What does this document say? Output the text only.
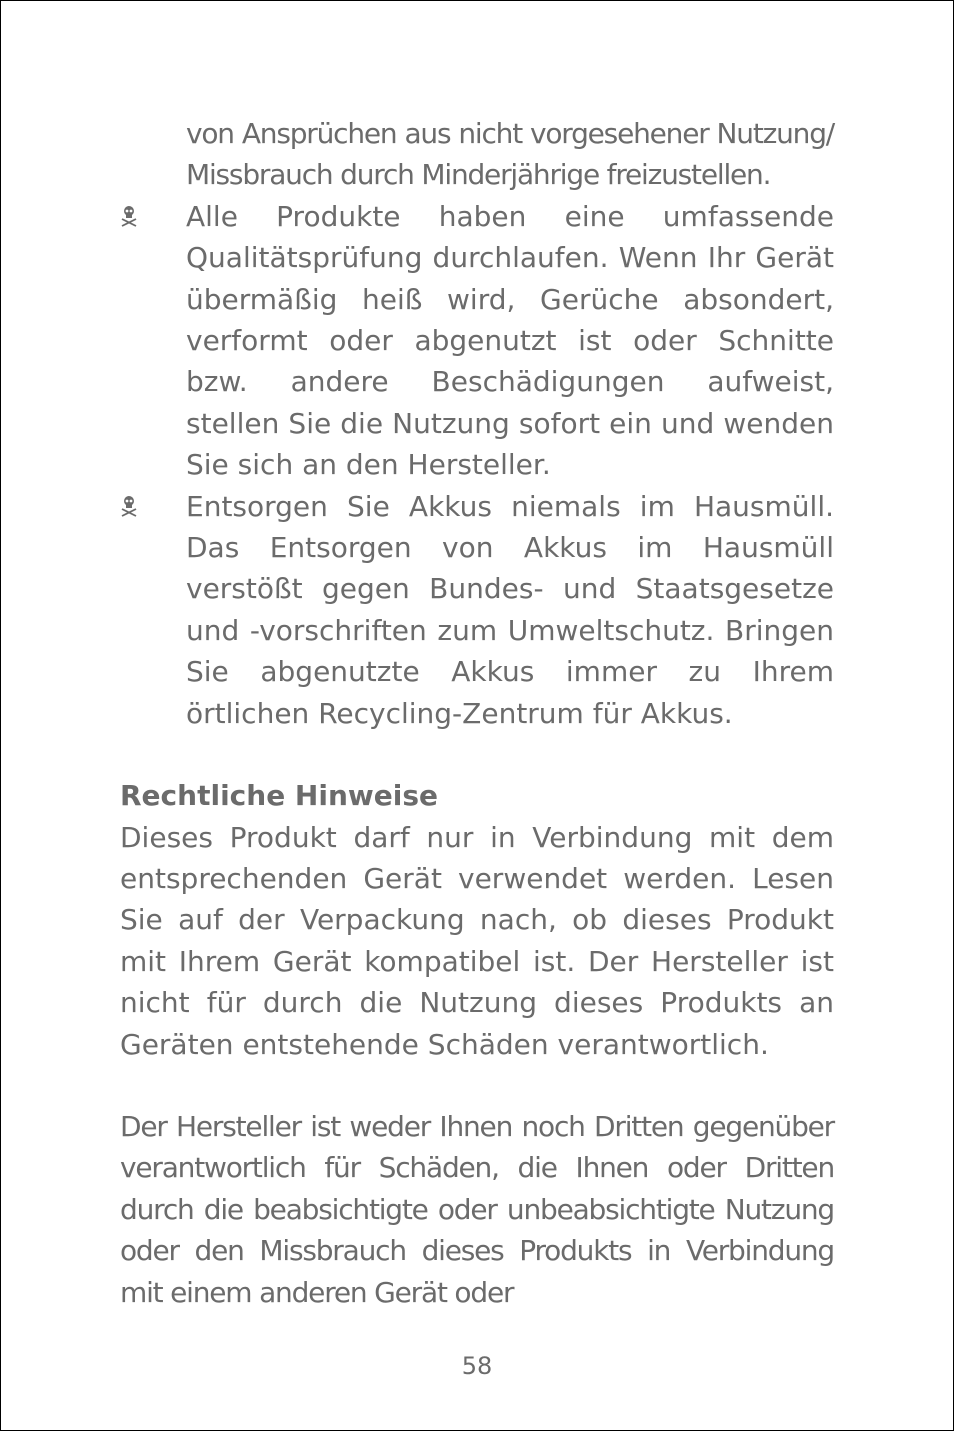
von Ansprüchen aus nicht vorgesehener Nutzung/ Missbrauch durch Minderjährige freizustellen.

Alle Produkte haben eine umfassende Qualitätsprüfung durchlaufen. Wenn Ihr Gerät übermäßig heiß wird, Gerüche absondert, verformt oder abgenutzt ist oder Schnitte bzw. andere Beschädigungen aufweist, stellen Sie die Nutzung sofort ein und wenden Sie sich an den Hersteller.

Entsorgen Sie Akkus niemals im Hausmüll. Das Entsorgen von Akkus im Hausmüll verstößt gegen Bundes- und Staatsgesetze und -vorschriften zum Umweltschutz. Bringen Sie abgenutzte Akkus immer zu Ihrem örtlichen Recycling-Zentrum für Akkus.

Rechtliche Hinweise

Dieses Produkt darf nur in Verbindung mit dem entsprechenden Gerät verwendet werden. Lesen Sie auf der Verpackung nach, ob dieses Produkt mit Ihrem Gerät kompatibel ist. Der Hersteller ist nicht für durch die Nutzung dieses Produkts an Geräten entstehende Schäden verantwortlich.

Der Hersteller ist weder Ihnen noch Dritten gegenüber verantwortlich für Schäden, die Ihnen oder Dritten durch die beabsichtigte oder unbeabsichtigte Nutzung oder den Missbrauch dieses Produkts in Verbindung mit einem anderen Gerät oder

58
